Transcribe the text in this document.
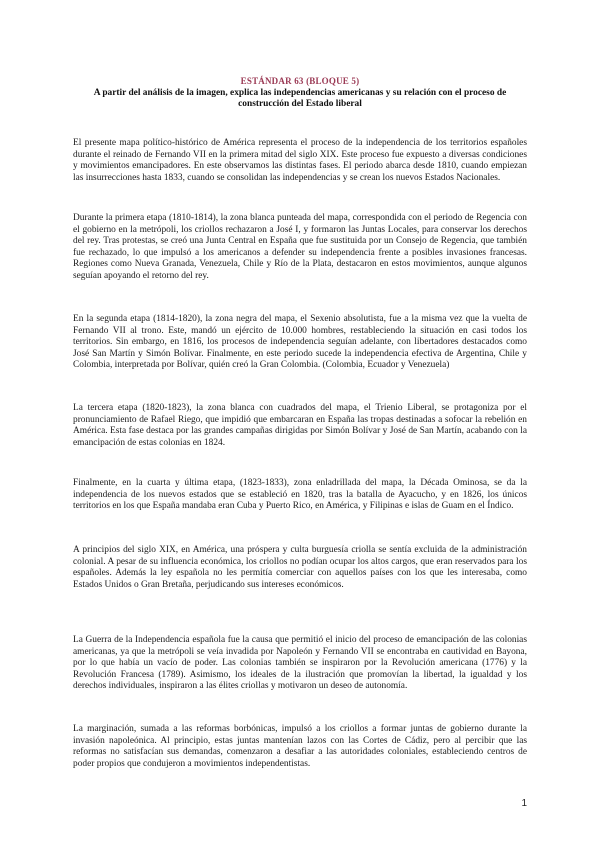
ESTÁNDAR 63 (BLOQUE 5)
A partir del análisis de la imagen, explica las independencias americanas y su relación con el proceso de construcción del Estado liberal

El presente mapa político-histórico de América representa el proceso de la independencia de los territorios españoles durante el reinado de Fernando VII en la primera mitad del siglo XIX. Este proceso fue expuesto a diversas condiciones y movimientos emancipadores. En este observamos las distintas fases. El periodo abarca desde 1810, cuando empiezan las insurrecciones hasta 1833, cuando se consolidan las independencias y se crean los nuevos Estados Nacionales.

Durante la primera etapa (1810-1814), la zona blanca punteada del mapa, correspondida con el periodo de Regencia con el gobierno en la metrópoli, los criollos rechazaron a José I, y formaron las Juntas Locales, para conservar los derechos del rey. Tras protestas, se creó una Junta Central en España que fue sustituida por un Consejo de Regencia, que también fue rechazado, lo que impulsó a los americanos a defender su independencia frente a posibles invasiones francesas. Regiones como Nueva Granada, Venezuela, Chile y Río de la Plata, destacaron en estos movimientos, aunque algunos seguían apoyando el retorno del rey.

En la segunda etapa (1814-1820), la zona negra del mapa, el Sexenio absolutista, fue a la misma vez que la vuelta de Fernando VII al trono. Este, mandó un ejército de 10.000 hombres, restableciendo la situación en casi todos los territorios. Sin embargo, en 1816, los procesos de independencia seguían adelante, con libertadores destacados como José San Martín y Simón Bolívar. Finalmente, en este periodo sucede la independencia efectiva de Argentina, Chile y Colombia, interpretada por Bolívar, quién creó la Gran Colombia. (Colombia, Ecuador y Venezuela)

La tercera etapa (1820-1823), la zona blanca con cuadrados del mapa, el Trienio Liberal, se protagoniza por el pronunciamiento de Rafael Riego, que impidió que embarcaran en España las tropas destinadas a sofocar la rebelión en América. Esta fase destaca por las grandes campañas dirigidas por Simón Bolívar y José de San Martín, acabando con la emancipación de estas colonias en 1824.

Finalmente, en la cuarta y última etapa, (1823-1833), zona enladrillada del mapa, la Década Ominosa, se da la independencia de los nuevos estados que se estableció en 1820, tras la batalla de Ayacucho, y en 1826, los únicos territorios en los que España mandaba eran Cuba y Puerto Rico, en América, y Filipinas e islas de Guam en el Índico.

A principios del siglo XIX, en América, una próspera y culta burguesía criolla se sentía excluida de la administración colonial. A pesar de su influencia económica, los criollos no podían ocupar los altos cargos, que eran reservados para los españoles. Además la ley española no les permitía comerciar con aquellos países con los que les interesaba, como Estados Unidos o Gran Bretaña, perjudicando sus intereses económicos.

La Guerra de la Independencia española fue la causa que permitió el inicio del proceso de emancipación de las colonias americanas, ya que la metrópoli se veía invadida por Napoleón y Fernando VII se encontraba en cautividad en Bayona, por lo que había un vacío de poder. Las colonias también se inspiraron por la Revolución americana (1776) y la Revolución Francesa (1789). Asimismo, los ideales de la ilustración que promovían la libertad, la igualdad y los derechos individuales, inspiraron a las élites criollas y motivaron un deseo de autonomía.

La marginación, sumada a las reformas borbónicas, impulsó a los criollos a formar juntas de gobierno durante la invasión napoleónica. Al principio, estas juntas mantenían lazos con las Cortes de Cádiz, pero al percibir que las reformas no satisfacían sus demandas, comenzaron a desafiar a las autoridades coloniales, estableciendo centros de poder propios que condujeron a movimientos independentistas.

1
